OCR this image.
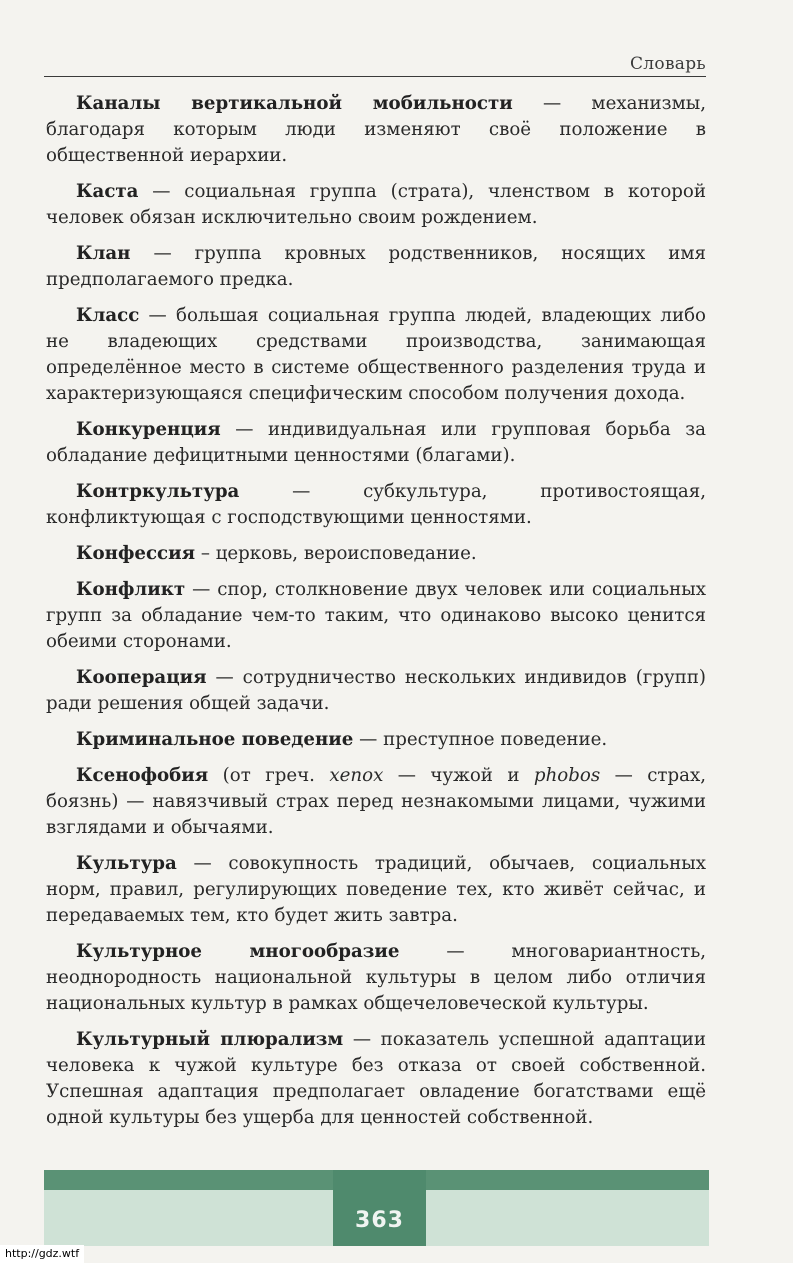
Словарь

Каналы вертикальной мобильности — механизмы, благодаря которым люди изменяют своё положение в общественной иерархии.

Каста — социальная группа (страта), членством в которой человек обязан исключительно своим рождением.

Клан — группа кровных родственников, носящих имя предполагаемого предка.

Класс — большая социальная группа людей, владеющих либо не владеющих средствами производства, занимающая определённое место в системе общественного разделения труда и характеризующаяся специфическим способом получения дохода.

Конкуренция — индивидуальная или групповая борьба за обладание дефицитными ценностями (благами).

Контркультура — субкультура, противостоящая, конфликтующая с господствующими ценностями.

Конфессия – церковь, вероисповедание.

Конфликт — спор, столкновение двух человек или социальных групп за обладание чем-то таким, что одинаково высоко ценится обеими сторонами.

Кооперация — сотрудничество нескольких индивидов (групп) ради решения общей задачи.

Криминальное поведение — преступное поведение.

Ксенофобия (от греч. xenox — чужой и phobos — страх, боязнь) — навязчивый страх перед незнакомыми лицами, чужими взглядами и обычаями.

Культура — совокупность традиций, обычаев, социальных норм, правил, регулирующих поведение тех, кто живёт сейчас, и передаваемых тем, кто будет жить завтра.

Культурное многообразие — многовариантность, неоднородность национальной культуры в целом либо отличия национальных культур в рамках общечеловеческой культуры.

Культурный плюрализм — показатель успешной адаптации человека к чужой культуре без отказа от своей собственной. Успешная адаптация предполагает овладение богатствами ещё одной культуры без ущерба для ценностей собственной.

363
http://gdz.wtf
